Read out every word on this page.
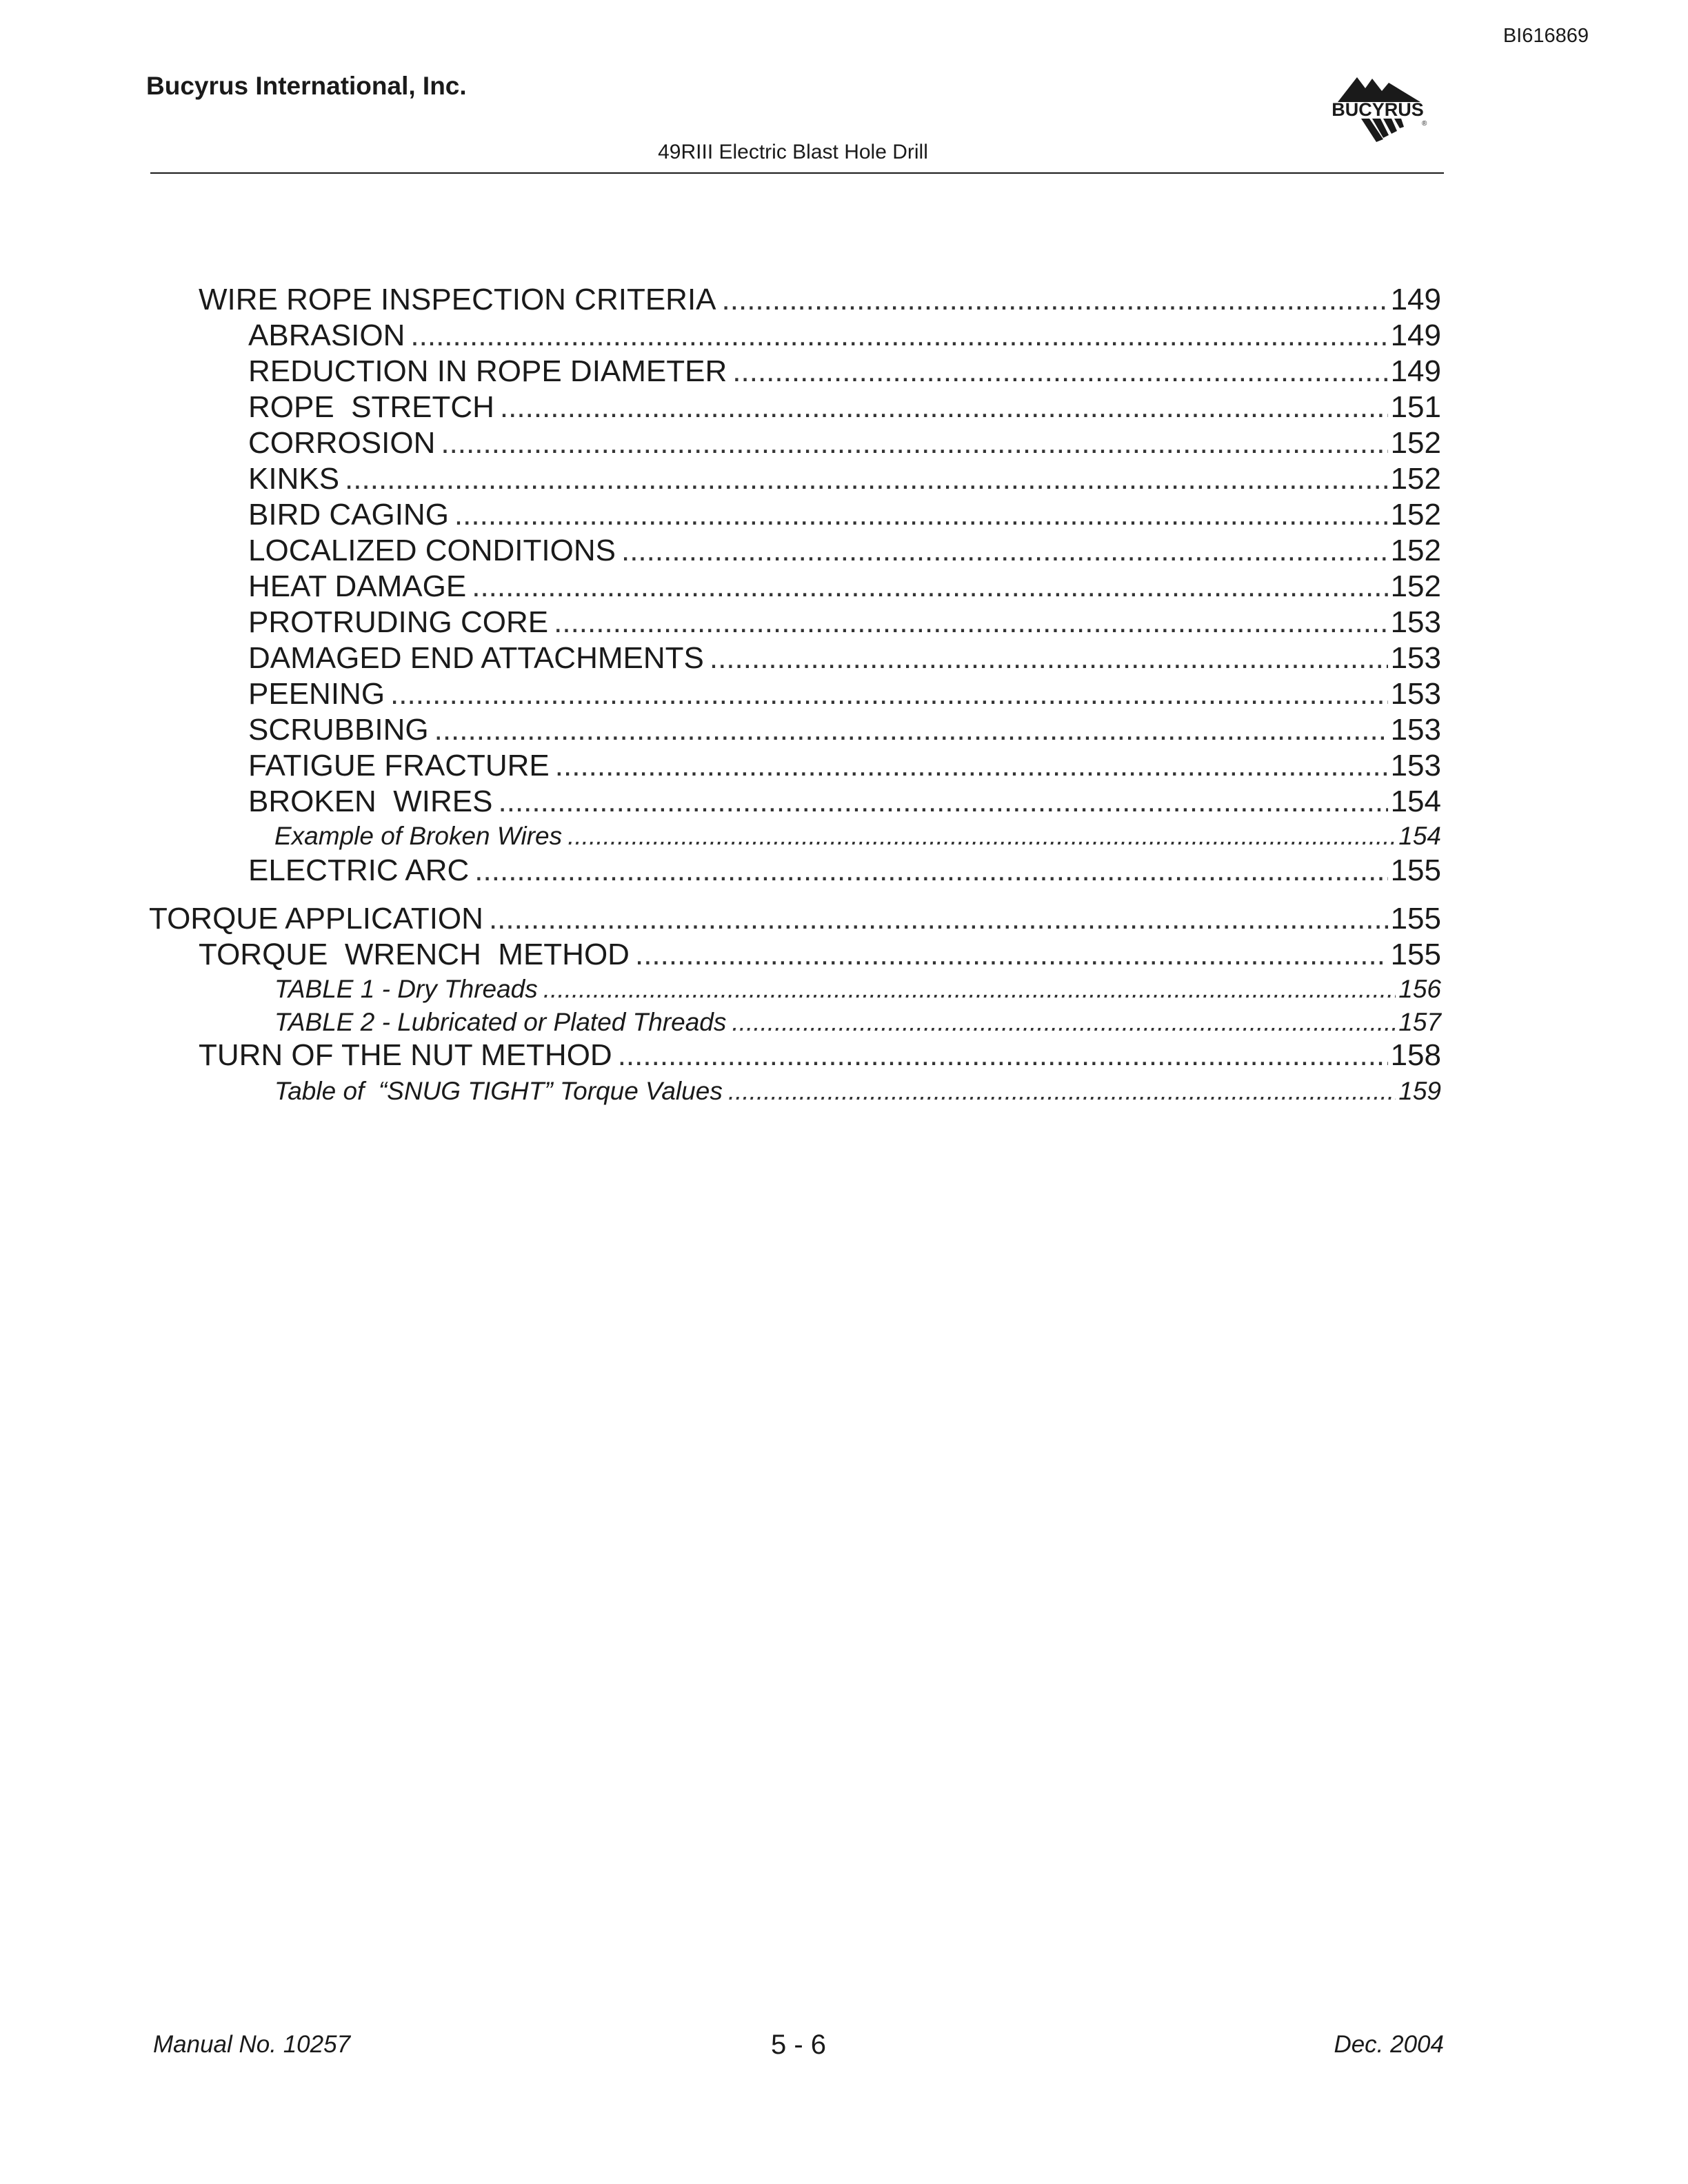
BI616869
Bucyrus International, Inc.
BUCYRUS
®
49RIII Electric Blast Hole Drill
WIRE ROPE INSPECTION CRITERIA .....	149
ABRASION .....	149
REDUCTION IN ROPE DIAMETER .....	149
ROPE  STRETCH .....	151
CORROSION .....	152
KINKS .....	152
BIRD CAGING .....	152
LOCALIZED CONDITIONS .....	152
HEAT DAMAGE .....	152
PROTRUDING CORE .....	153
DAMAGED END ATTACHMENTS .....	153
PEENING .....	153
SCRUBBING .....	153
FATIGUE FRACTURE .....	153
BROKEN  WIRES .....	154
Example of Broken Wires .....	154
ELECTRIC ARC .....	155
TORQUE APPLICATION .....	155
TORQUE  WRENCH  METHOD .....	155
TABLE 1 - Dry Threads .....	156
TABLE 2 - Lubricated or Plated Threads .....	157
TURN OF THE NUT METHOD .....	158
Table of  “SNUG TIGHT” Torque Values .....	159
Manual No. 10257	5 - 6	Dec. 2004
